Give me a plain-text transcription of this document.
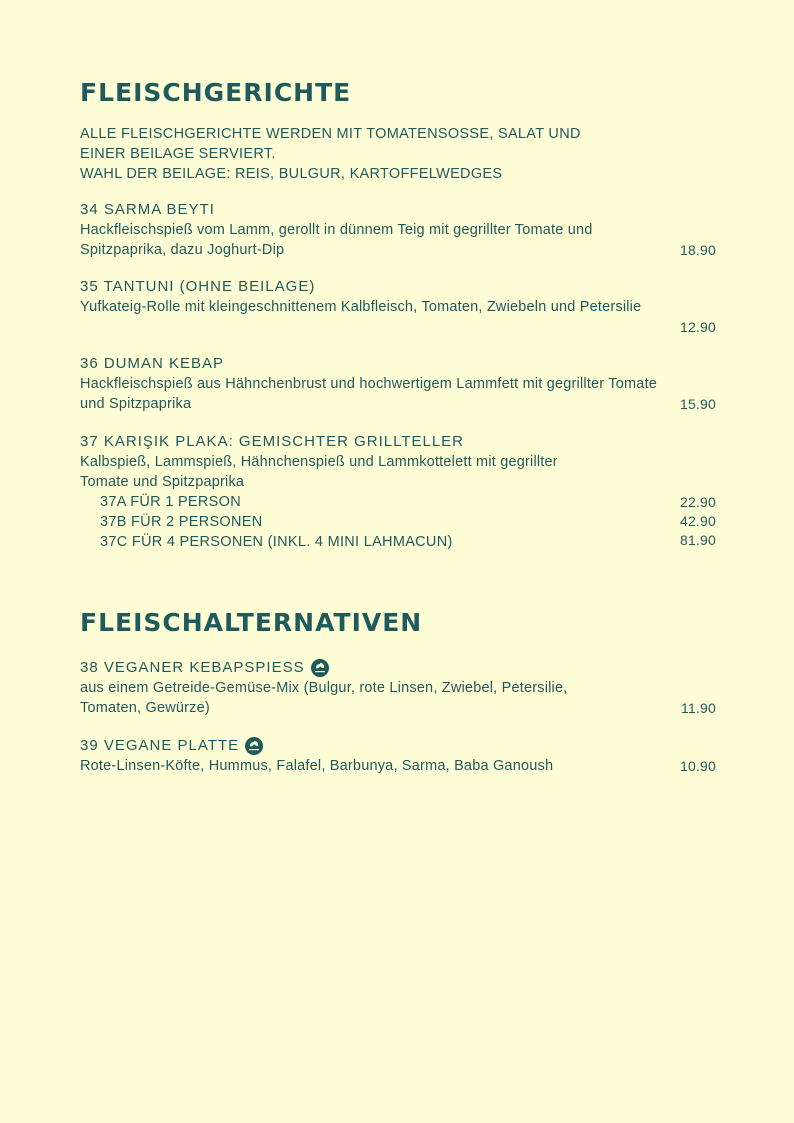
FLEISCHGERICHTE
ALLE FLEISCHGERICHTE WERDEN MIT TOMATENSOSSE, SALAT UND
EINER BEILAGE SERVIERT.
WAHL DER BEILAGE: REIS, BULGUR, KARTOFFELWEDGES
34 SARMA BEYTI
Hackfleischspieß vom Lamm, gerollt in dünnem Teig mit gegrillter Tomate und Spitzpaprika, dazu Joghurt-Dip	18.90
35 TANTUNI (OHNE BEILAGE)
Yufkateig-Rolle mit kleingeschnittenem Kalbfleisch, Tomaten, Zwiebeln und Petersilie
12.90
36 DUMAN KEBAP
Hackfleischspieß aus Hähnchenbrust und hochwertigem Lammfett mit gegrillter Tomate und Spitzpaprika	15.90
37 KARIŞIK PLAKA: GEMISCHTER GRILLTELLER
Kalbspieß, Lammspieß, Hähnchenspieß und Lammkottelett mit gegrillter Tomate und Spitzpaprika
37A FÜR 1 PERSON	22.90
37B FÜR 2 PERSONEN	42.90
37C FÜR 4 PERSONEN (INKL. 4 MINI LAHMACUN)	81.90
FLEISCHALTERNATIVEN
38 VEGANER KEBAPSPIESS
aus einem Getreide-Gemüse-Mix (Bulgur, rote Linsen, Zwiebel, Petersilie, Tomaten, Gewürze)	11.90
39 VEGANE PLATTE
Rote-Linsen-Köfte, Hummus, Falafel, Barbunya, Sarma, Baba Ganoush	10.90
